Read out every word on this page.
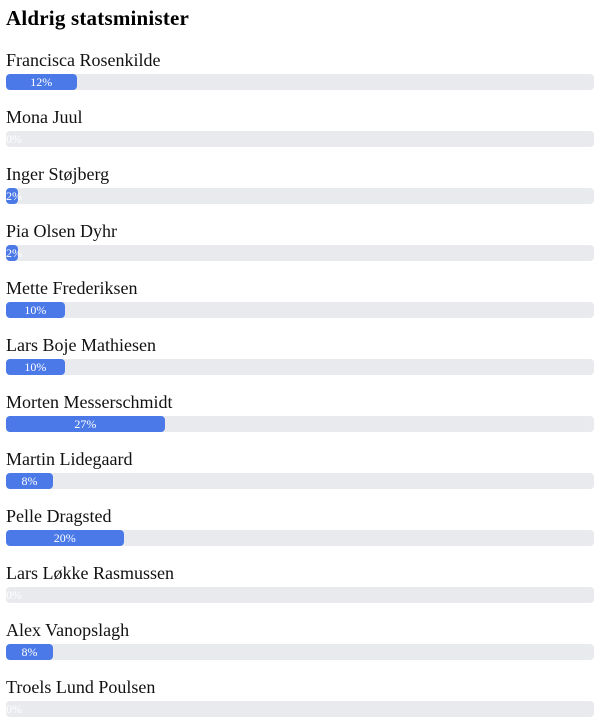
Aldrig statsminister
Francisca Rosenkilde
12%
Mona Juul
0%
Inger Støjberg
2%
Pia Olsen Dyhr
2%
Mette Frederiksen
10%
Lars Boje Mathiesen
10%
Morten Messerschmidt
27%
Martin Lidegaard
8%
Pelle Dragsted
20%
Lars Løkke Rasmussen
0%
Alex Vanopslagh
8%
Troels Lund Poulsen
0%
